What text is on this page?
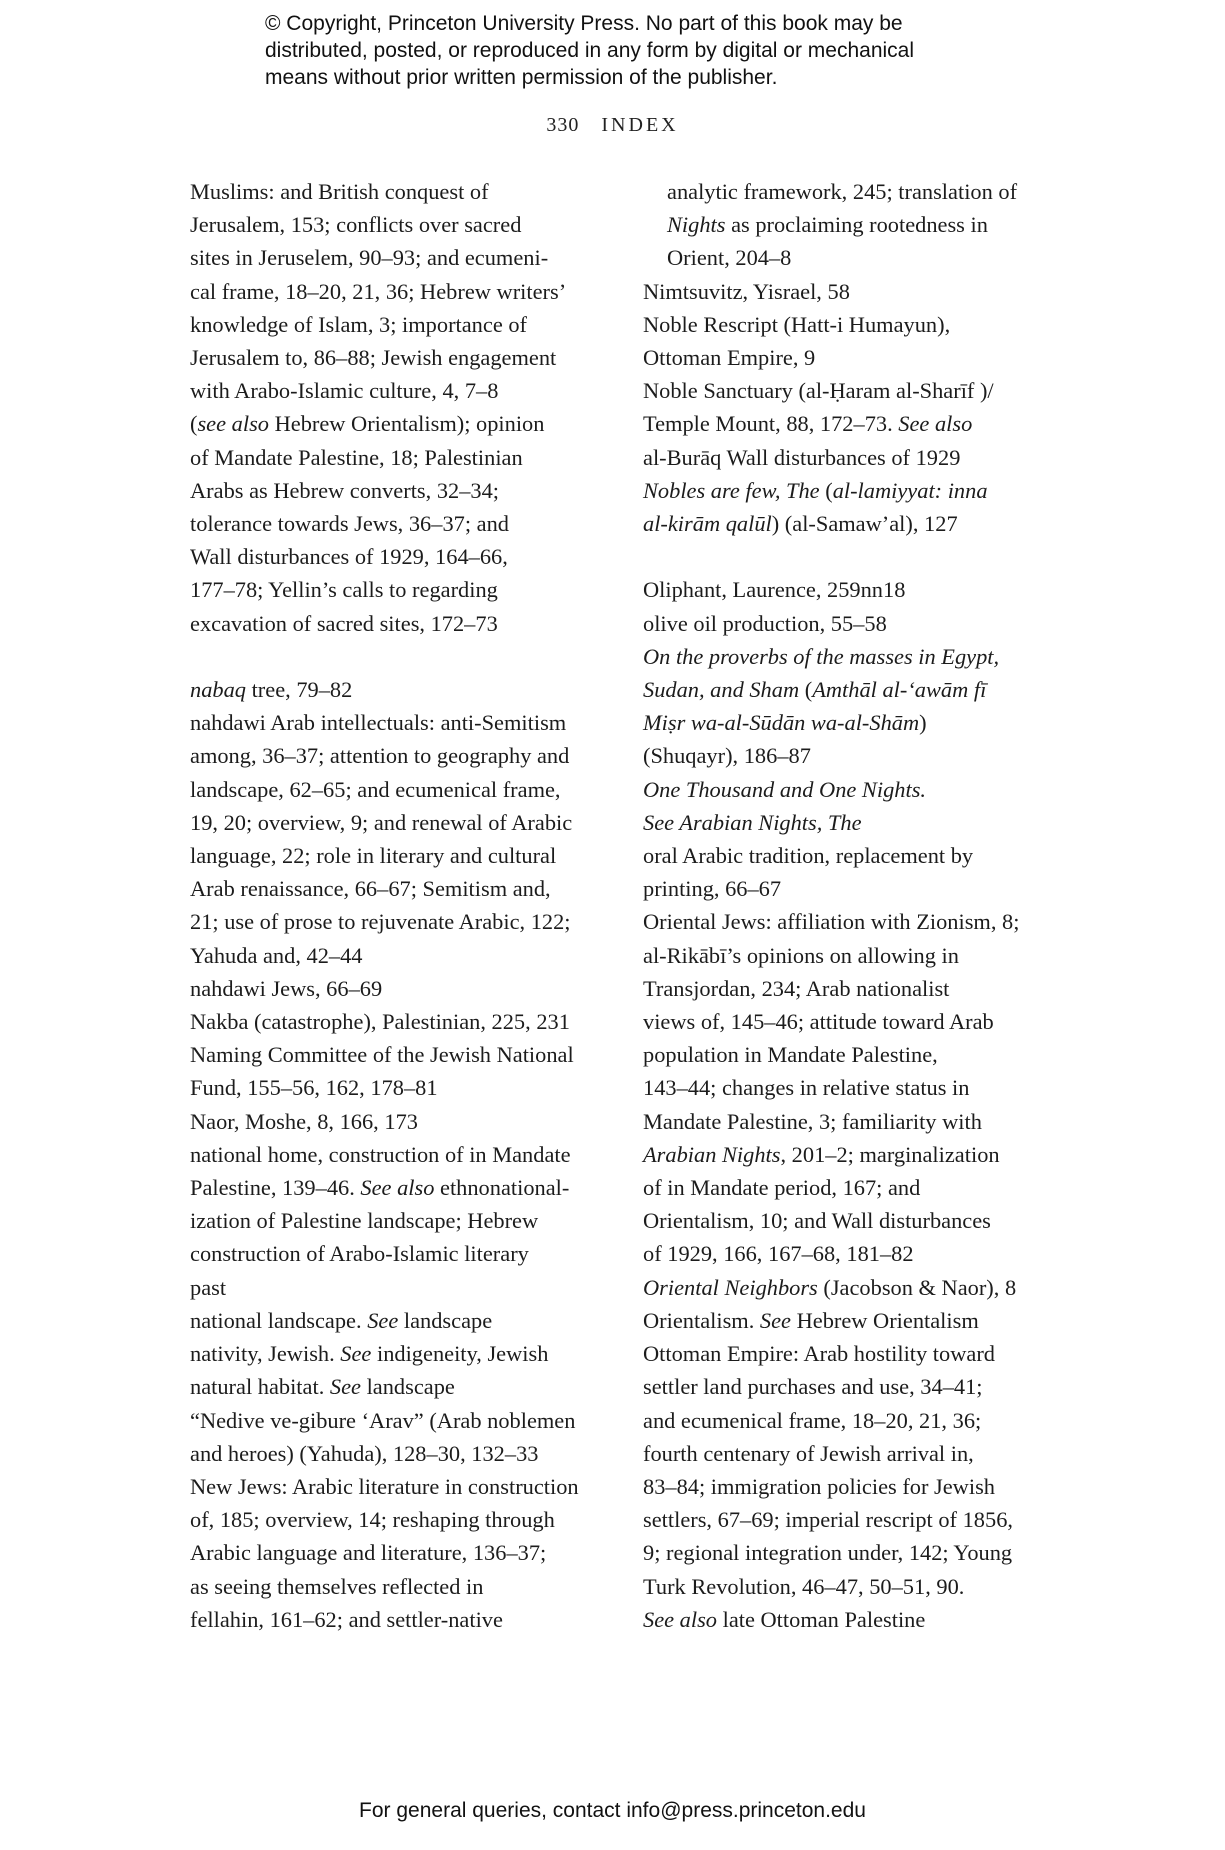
© Copyright, Princeton University Press. No part of this book may be

distributed, posted, or reproduced in any form by digital or mechanical

means without prior written permission of the publisher.

330 INDEX
Muslims: and British conquest of
Jerusalem, 153; conflicts over sacred
sites in Jeruselem, 90–93; and ecumeni-
cal frame, 18–20, 21, 36; Hebrew writers’
knowledge of Islam, 3; importance of
Jerusalem to, 86–88; Jewish engagement
with Arabo-Islamic culture, 4, 7–8
(see also Hebrew Orientalism); opinion
of Mandate Palestine, 18; Palestinian
Arabs as Hebrew converts, 32–34;
tolerance towards Jews, 36–37; and
Wall disturbances of 1929, 164–66,
177–78; Yellin’s calls to regarding
excavation of sacred sites, 172–73
nabaq tree, 79–82
nahdawi Arab intellectuals: anti-Semitism
among, 36–37; attention to geography and
landscape, 62–65; and ecumenical frame,
19, 20; overview, 9; and renewal of Arabic
language, 22; role in literary and cultural
Arab renaissance, 66–67; Semitism and,
21; use of prose to rejuvenate Arabic, 122;
Yahuda and, 42–44
nahdawi Jews, 66–69
Nakba (catastrophe), Palestinian, 225, 231
Naming Committee of the Jewish National
Fund, 155–56, 162, 178–81
Naor, Moshe, 8, 166, 173
national home, construction of in Mandate
Palestine, 139–46. See also ethnonational-
ization of Palestine landscape; Hebrew
construction of Arabo-Islamic literary
past
national landscape. See landscape
nativity, Jewish. See indigeneity, Jewish
natural habitat. See landscape
“Nedive ve-gibure ‘Arav” (Arab noblemen
and heroes) (Yahuda), 128–30, 132–33
New Jews: Arabic literature in construction
of, 185; overview, 14; reshaping through
Arabic language and literature, 136–37;
as seeing themselves reflected in
fellahin, 161–62; and settler-native
analytic framework, 245; translation of
Nights as proclaiming rootedness in
Orient, 204–8
Nimtsuvitz, Yisrael, 58
Noble Rescript (Hatt-i Humayun),
Ottoman Empire, 9
Noble Sanctuary (al-Ḥaram al-Sharīf )/
Temple Mount, 88, 172–73. See also
al-Burāq Wall disturbances of 1929
Nobles are few, The (al-lamiyyat: inna
al-kirām qalūl) (al-Samaw’al), 127
Oliphant, Laurence, 259nn18
olive oil production, 55–58
On the proverbs of the masses in Egypt,
Sudan, and Sham (Amthāl al-‘awām fī
Miṣr wa-al-Sūdān wa-al-Shām)
(Shuqayr), 186–87
One Thousand and One Nights.
See Arabian Nights, The
oral Arabic tradition, replacement by
printing, 66–67
Oriental Jews: affiliation with Zionism, 8;
al-Rikābī’s opinions on allowing in
Transjordan, 234; Arab nationalist
views of, 145–46; attitude toward Arab
population in Mandate Palestine,
143–44; changes in relative status in
Mandate Palestine, 3; familiarity with
Arabian Nights, 201–2; marginalization
of in Mandate period, 167; and
Orientalism, 10; and Wall disturbances
of 1929, 166, 167–68, 181–82
Oriental Neighbors (Jacobson & Naor), 8
Orientalism. See Hebrew Orientalism
Ottoman Empire: Arab hostility toward
settler land purchases and use, 34–41;
and ecumenical frame, 18–20, 21, 36;
fourth centenary of Jewish arrival in,
83–84; immigration policies for Jewish
settlers, 67–69; imperial rescript of 1856,
9; regional integration under, 142; Young
Turk Revolution, 46–47, 50–51, 90.
See also late Ottoman Palestine
For general queries, contact info@press.princeton.edu
